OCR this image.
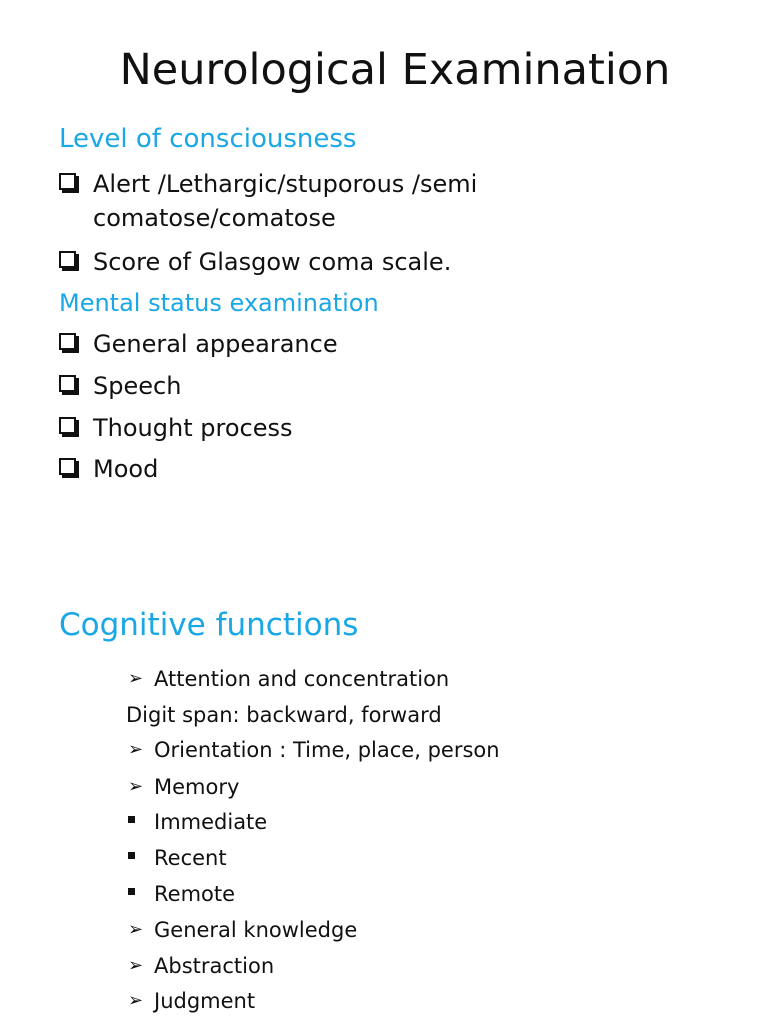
Neurological Examination
Level of consciousness
Alert /Lethargic/stuporous /semi comatose/comatose
Score of Glasgow coma scale.
Mental status examination
General appearance
Speech
Thought process
Mood
Cognitive functions
➢ Attention and concentration
Digit span: backward, forward
➢ Orientation : Time, place, person
➢ Memory
Immediate
Recent
Remote
➢ General knowledge
➢ Abstraction
➢ Judgment
